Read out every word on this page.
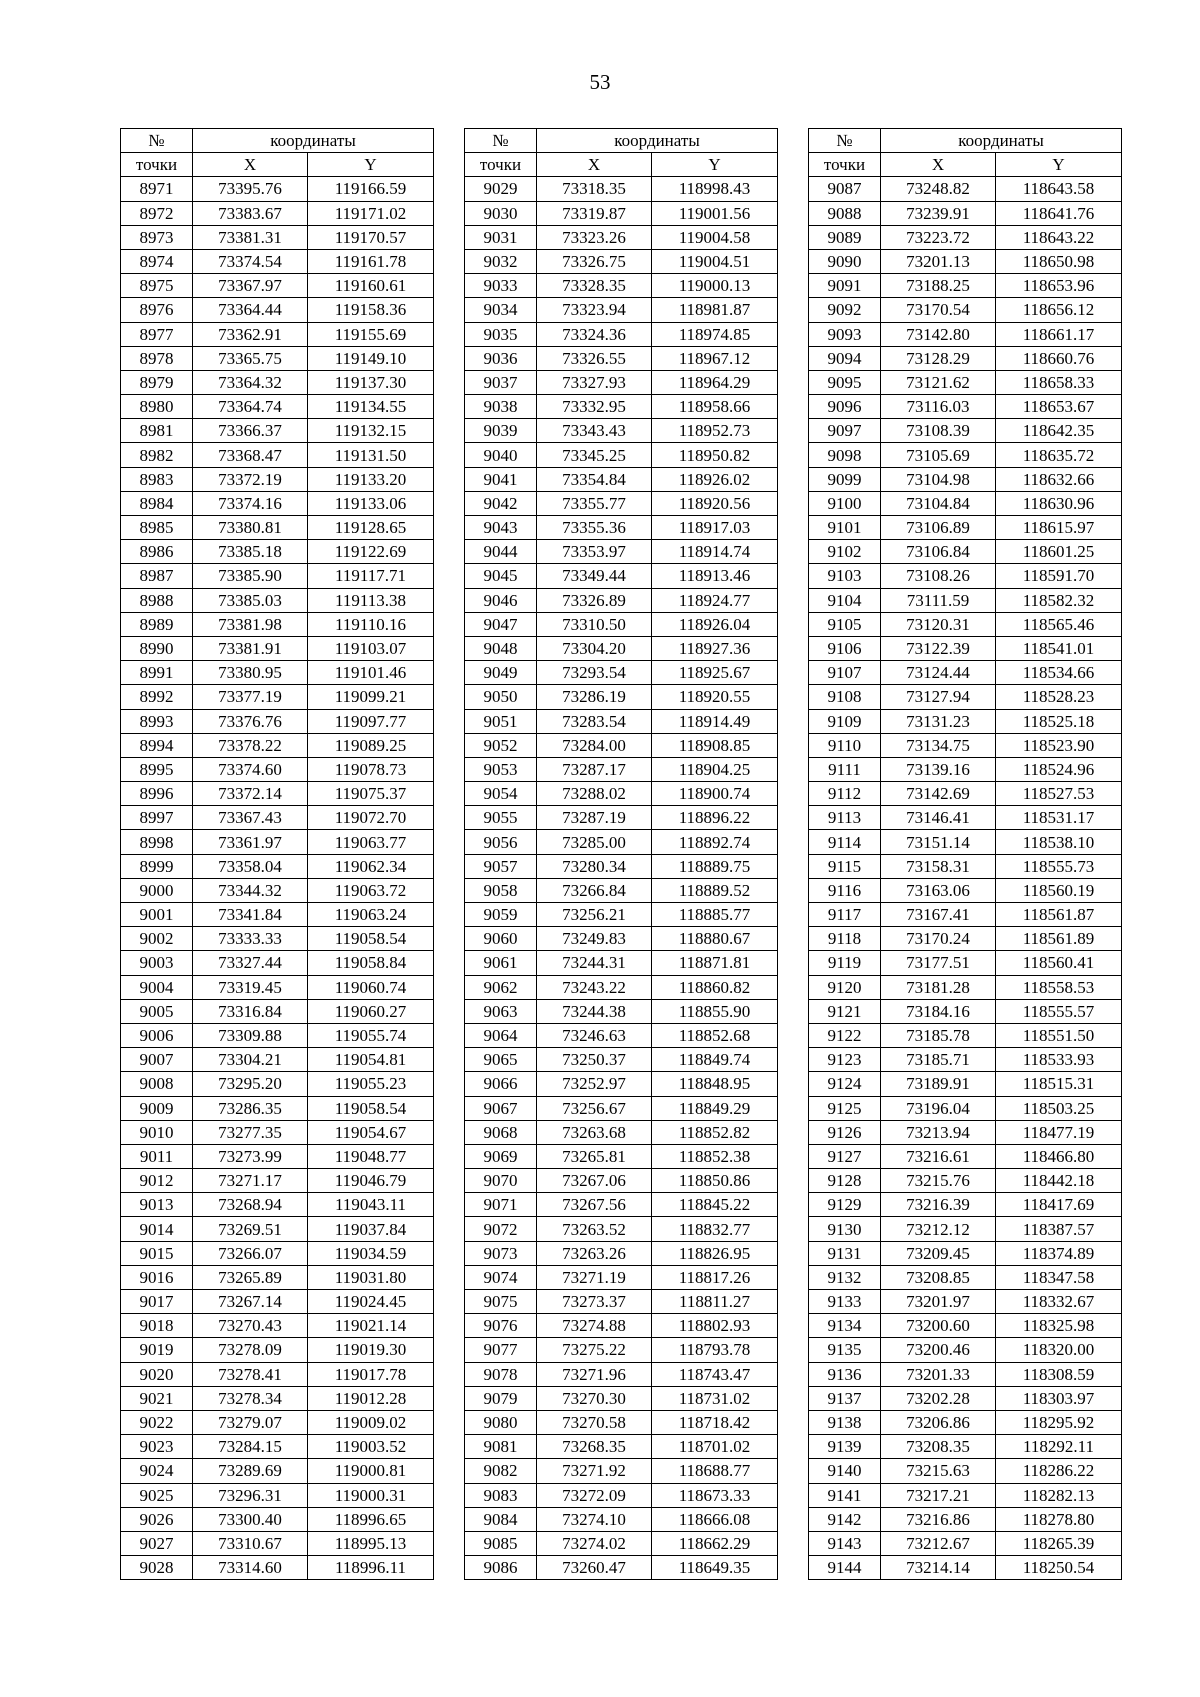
53
№	координаты	
точки	X	Y
8971	73395.76	119166.59
8972	73383.67	119171.02
8973	73381.31	119170.57
8974	73374.54	119161.78
8975	73367.97	119160.61
8976	73364.44	119158.36
8977	73362.91	119155.69
8978	73365.75	119149.10
8979	73364.32	119137.30
8980	73364.74	119134.55
8981	73366.37	119132.15
8982	73368.47	119131.50
8983	73372.19	119133.20
8984	73374.16	119133.06
8985	73380.81	119128.65
8986	73385.18	119122.69
8987	73385.90	119117.71
8988	73385.03	119113.38
8989	73381.98	119110.16
8990	73381.91	119103.07
8991	73380.95	119101.46
8992	73377.19	119099.21
8993	73376.76	119097.77
8994	73378.22	119089.25
8995	73374.60	119078.73
8996	73372.14	119075.37
8997	73367.43	119072.70
8998	73361.97	119063.77
8999	73358.04	119062.34
9000	73344.32	119063.72
9001	73341.84	119063.24
9002	73333.33	119058.54
9003	73327.44	119058.84
9004	73319.45	119060.74
9005	73316.84	119060.27
9006	73309.88	119055.74
9007	73304.21	119054.81
9008	73295.20	119055.23
9009	73286.35	119058.54
9010	73277.35	119054.67
9011	73273.99	119048.77
9012	73271.17	119046.79
9013	73268.94	119043.11
9014	73269.51	119037.84
9015	73266.07	119034.59
9016	73265.89	119031.80
9017	73267.14	119024.45
9018	73270.43	119021.14
9019	73278.09	119019.30
9020	73278.41	119017.78
9021	73278.34	119012.28
9022	73279.07	119009.02
9023	73284.15	119003.52
9024	73289.69	119000.81
9025	73296.31	119000.31
9026	73300.40	118996.65
9027	73310.67	118995.13
9028	73314.60	118996.11
№	координаты	
точки	X	Y
9029	73318.35	118998.43
9030	73319.87	119001.56
9031	73323.26	119004.58
9032	73326.75	119004.51
9033	73328.35	119000.13
9034	73323.94	118981.87
9035	73324.36	118974.85
9036	73326.55	118967.12
9037	73327.93	118964.29
9038	73332.95	118958.66
9039	73343.43	118952.73
9040	73345.25	118950.82
9041	73354.84	118926.02
9042	73355.77	118920.56
9043	73355.36	118917.03
9044	73353.97	118914.74
9045	73349.44	118913.46
9046	73326.89	118924.77
9047	73310.50	118926.04
9048	73304.20	118927.36
9049	73293.54	118925.67
9050	73286.19	118920.55
9051	73283.54	118914.49
9052	73284.00	118908.85
9053	73287.17	118904.25
9054	73288.02	118900.74
9055	73287.19	118896.22
9056	73285.00	118892.74
9057	73280.34	118889.75
9058	73266.84	118889.52
9059	73256.21	118885.77
9060	73249.83	118880.67
9061	73244.31	118871.81
9062	73243.22	118860.82
9063	73244.38	118855.90
9064	73246.63	118852.68
9065	73250.37	118849.74
9066	73252.97	118848.95
9067	73256.67	118849.29
9068	73263.68	118852.82
9069	73265.81	118852.38
9070	73267.06	118850.86
9071	73267.56	118845.22
9072	73263.52	118832.77
9073	73263.26	118826.95
9074	73271.19	118817.26
9075	73273.37	118811.27
9076	73274.88	118802.93
9077	73275.22	118793.78
9078	73271.96	118743.47
9079	73270.30	118731.02
9080	73270.58	118718.42
9081	73268.35	118701.02
9082	73271.92	118688.77
9083	73272.09	118673.33
9084	73274.10	118666.08
9085	73274.02	118662.29
9086	73260.47	118649.35
№	координаты	
точки	X	Y
9087	73248.82	118643.58
9088	73239.91	118641.76
9089	73223.72	118643.22
9090	73201.13	118650.98
9091	73188.25	118653.96
9092	73170.54	118656.12
9093	73142.80	118661.17
9094	73128.29	118660.76
9095	73121.62	118658.33
9096	73116.03	118653.67
9097	73108.39	118642.35
9098	73105.69	118635.72
9099	73104.98	118632.66
9100	73104.84	118630.96
9101	73106.89	118615.97
9102	73106.84	118601.25
9103	73108.26	118591.70
9104	73111.59	118582.32
9105	73120.31	118565.46
9106	73122.39	118541.01
9107	73124.44	118534.66
9108	73127.94	118528.23
9109	73131.23	118525.18
9110	73134.75	118523.90
9111	73139.16	118524.96
9112	73142.69	118527.53
9113	73146.41	118531.17
9114	73151.14	118538.10
9115	73158.31	118555.73
9116	73163.06	118560.19
9117	73167.41	118561.87
9118	73170.24	118561.89
9119	73177.51	118560.41
9120	73181.28	118558.53
9121	73184.16	118555.57
9122	73185.78	118551.50
9123	73185.71	118533.93
9124	73189.91	118515.31
9125	73196.04	118503.25
9126	73213.94	118477.19
9127	73216.61	118466.80
9128	73215.76	118442.18
9129	73216.39	118417.69
9130	73212.12	118387.57
9131	73209.45	118374.89
9132	73208.85	118347.58
9133	73201.97	118332.67
9134	73200.60	118325.98
9135	73200.46	118320.00
9136	73201.33	118308.59
9137	73202.28	118303.97
9138	73206.86	118295.92
9139	73208.35	118292.11
9140	73215.63	118286.22
9141	73217.21	118282.13
9142	73216.86	118278.80
9143	73212.67	118265.39
9144	73214.14	118250.54
